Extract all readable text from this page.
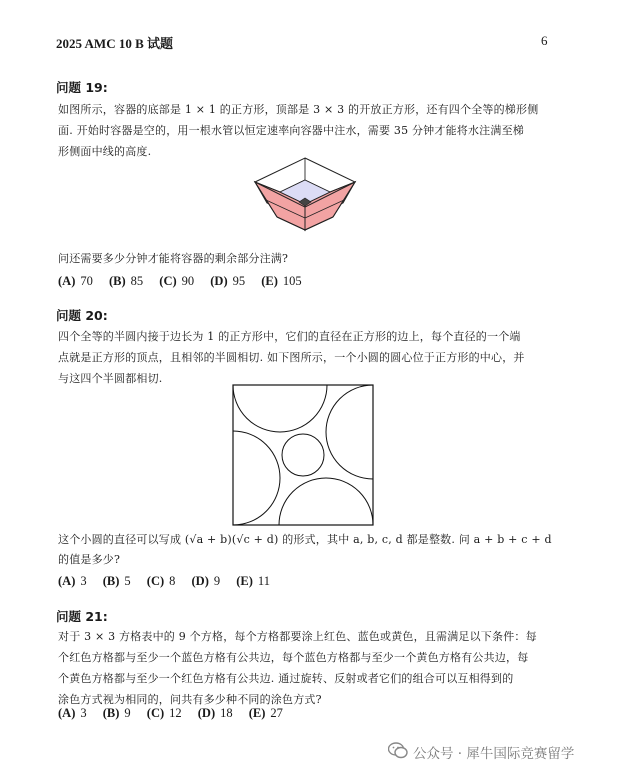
2025 AMC 10 B 试题	6
问题 19:
如图所示，容器的底部是 1 × 1 的正方形，顶部是 3 × 3 的开放正方形，还有四个全等的梯形侧
面. 开始时容器是空的，用一根水管以恒定速率向容器中注水，需要 35 分钟才能将水注满至梯
形侧面中线的高度.
问还需要多少分钟才能将容器的剩余部分注满?
(A) 70 (B) 85 (C) 90 (D) 95 (E) 105
问题 20:
四个全等的半圆内接于边长为 1 的正方形中，它们的直径在正方形的边上，每个直径的一个端
点就是正方形的顶点，且相邻的半圆相切. 如下图所示，一个小圆的圆心位于正方形的中心，并
与这四个半圆都相切.
这个小圆的直径可以写成 (√a + b)(√c + d) 的形式，其中 a, b, c, d 都是整数. 问 a + b + c + d
的值是多少?
(A) 3 (B) 5 (C) 8 (D) 9 (E) 11
问题 21:
对于 3 × 3 方格表中的 9 个方格，每个方格都要涂上红色、蓝色或黄色，且需满足以下条件：每
个红色方格都与至少一个蓝色方格有公共边，每个蓝色方格都与至少一个黄色方格有公共边，每
个黄色方格都与至少一个红色方格有公共边. 通过旋转、反射或者它们的组合可以互相得到的
涂色方式视为相同的，问共有多少种不同的涂色方式?
(A) 3 (B) 9 (C) 12 (D) 18 (E) 27
公众号 · 犀牛国际竞赛留学
